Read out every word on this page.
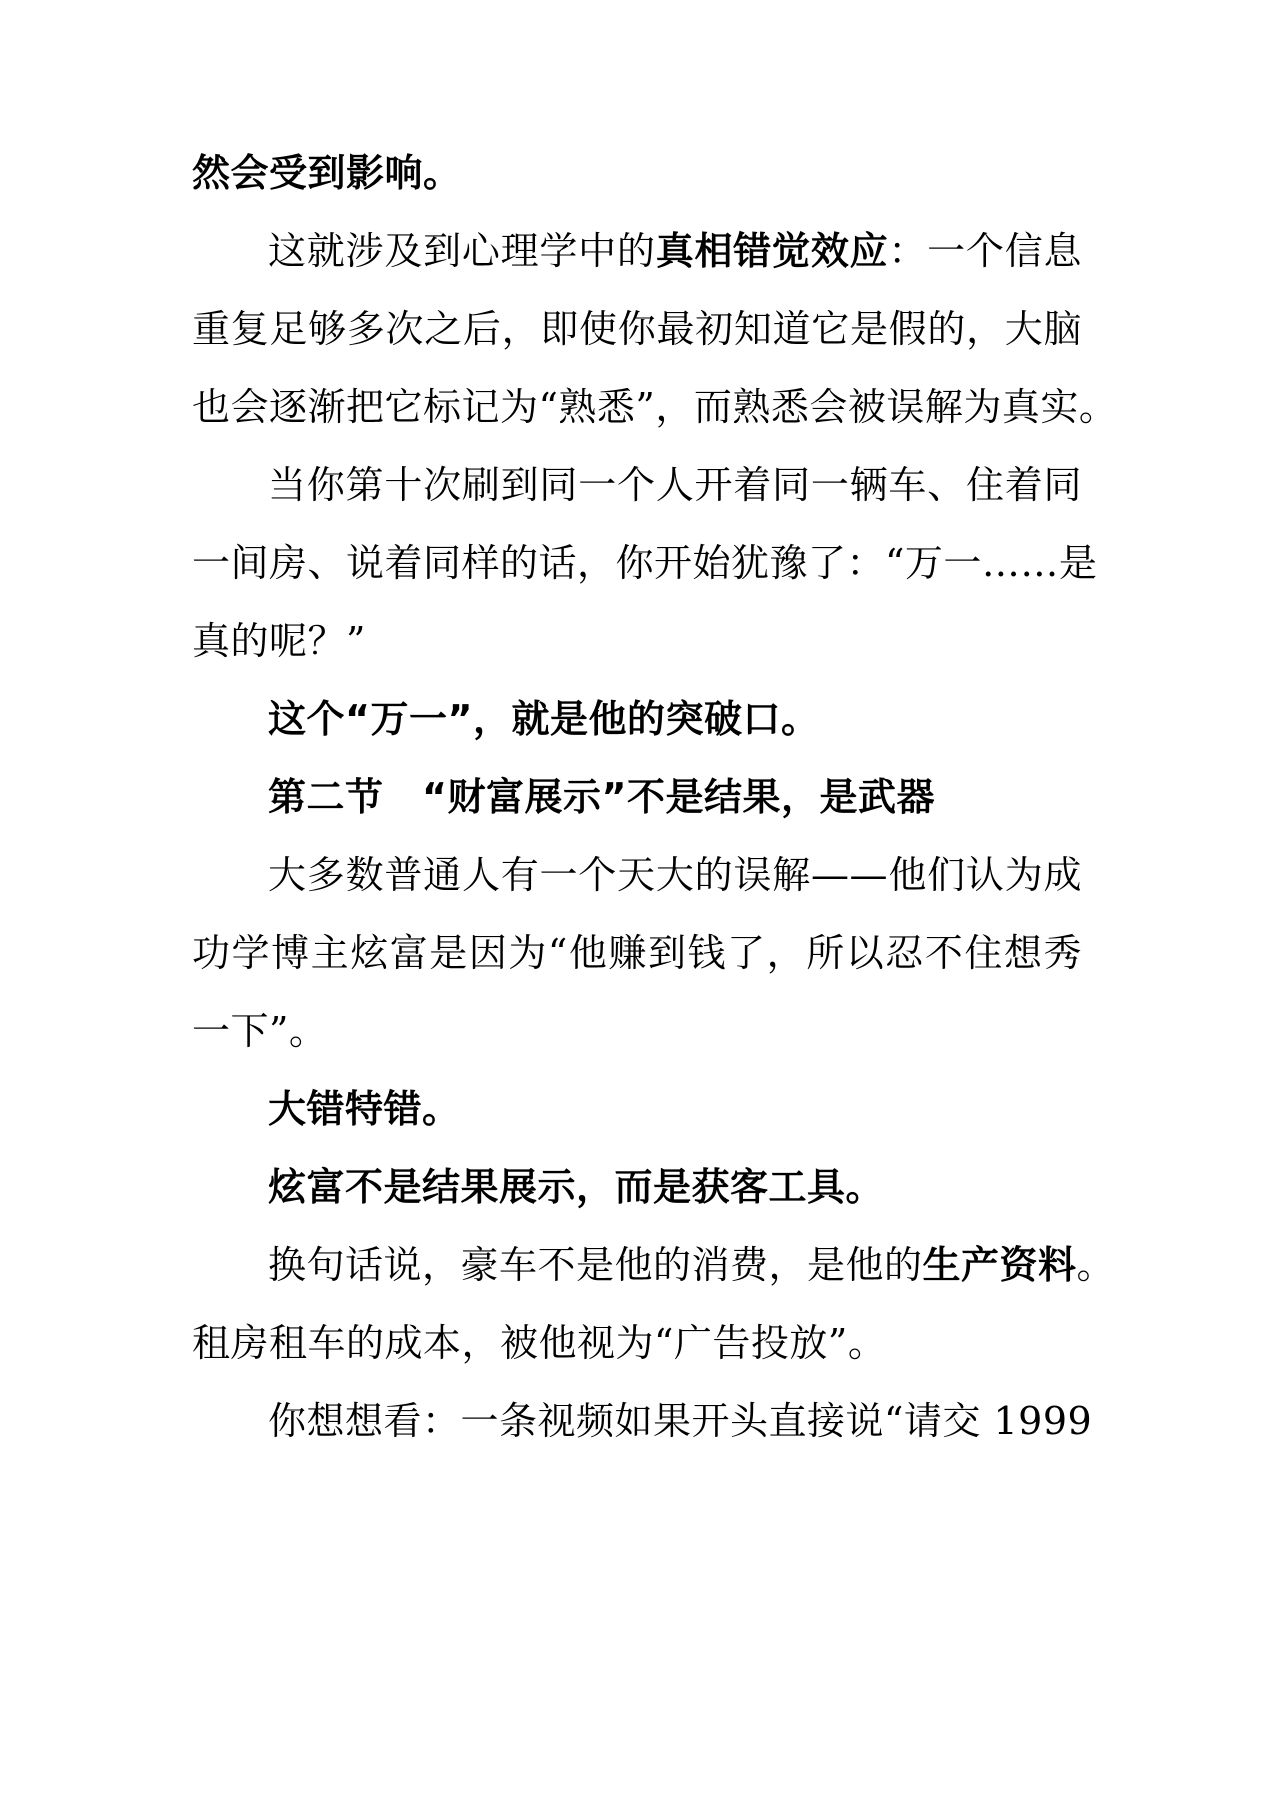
然会受到影响。
这就涉及到心理学中的真相错觉效应：一个信息
重复足够多次之后，即使你最初知道它是假的，大脑
也会逐渐把它标记为“熟悉”，而熟悉会被误解为真实。
当你第十次刷到同一个人开着同一辆车、住着同
一间房、说着同样的话，你开始犹豫了：“万一……是
真的呢？”
这个“万一”，就是他的突破口。
第二节　“财富展示”不是结果，是武器
大多数普通人有一个天大的误解——他们认为成
功学博主炫富是因为“他赚到钱了，所以忍不住想秀
一下”。
大错特错。
炫富不是结果展示，而是获客工具。
换句话说，豪车不是他的消费，是他的生产资料。
租房租车的成本，被他视为“广告投放”。
你想想看：一条视频如果开头直接说“请交 1999
